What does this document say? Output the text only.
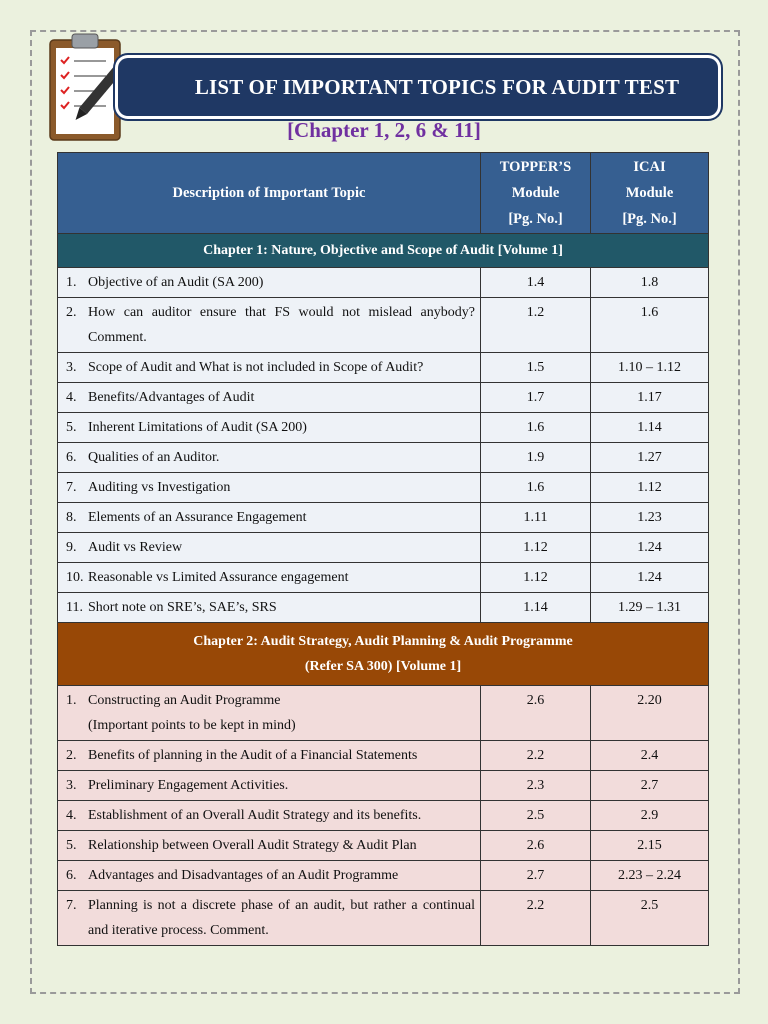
LIST OF IMPORTANT TOPICS FOR AUDIT TEST
[Chapter 1, 2, 6 & 11]
Description of Important Topic	TOPPER’S
Module
[Pg. No.]	ICAI
Module
[Pg. No.]

Chapter 1: Nature, Objective and Scope of Audit [Volume 1]		

1. Objective of an Audit (SA 200)	1.4	1.8

2. How can auditor ensure that FS would not mislead anybody? Comment.	1.2	1.6

3. Scope of Audit and What is not included in Scope of Audit?	1.5	1.10 – 1.12

4. Benefits/Advantages of Audit	1.7	1.17

5. Inherent Limitations of Audit (SA 200)	1.6	1.14

6. Qualities of an Auditor.	1.9	1.27

7. Auditing vs Investigation	1.6	1.12

8. Elements of an Assurance Engagement	1.11	1.23

9. Audit vs Review	1.12	1.24

10. Reasonable vs Limited Assurance engagement	1.12	1.24

11. Short note on SRE’s, SAE’s, SRS	1.14	1.29 – 1.31

Chapter 2: Audit Strategy, Audit Planning & Audit Programme
(Refer SA 300) [Volume 1]		

1. Constructing an Audit Programme
(Important points to be kept in mind)	2.6	2.20

2. Benefits of planning in the Audit of a Financial Statements	2.2	2.4

3. Preliminary Engagement Activities.	2.3	2.7

4. Establishment of an Overall Audit Strategy and its benefits.	2.5	2.9

5. Relationship between Overall Audit Strategy & Audit Plan	2.6	2.15

6. Advantages and Disadvantages of an Audit Programme	2.7	2.23 – 2.24

7. Planning is not a discrete phase of an audit, but rather a continual and iterative process. Comment.	2.2	2.5
